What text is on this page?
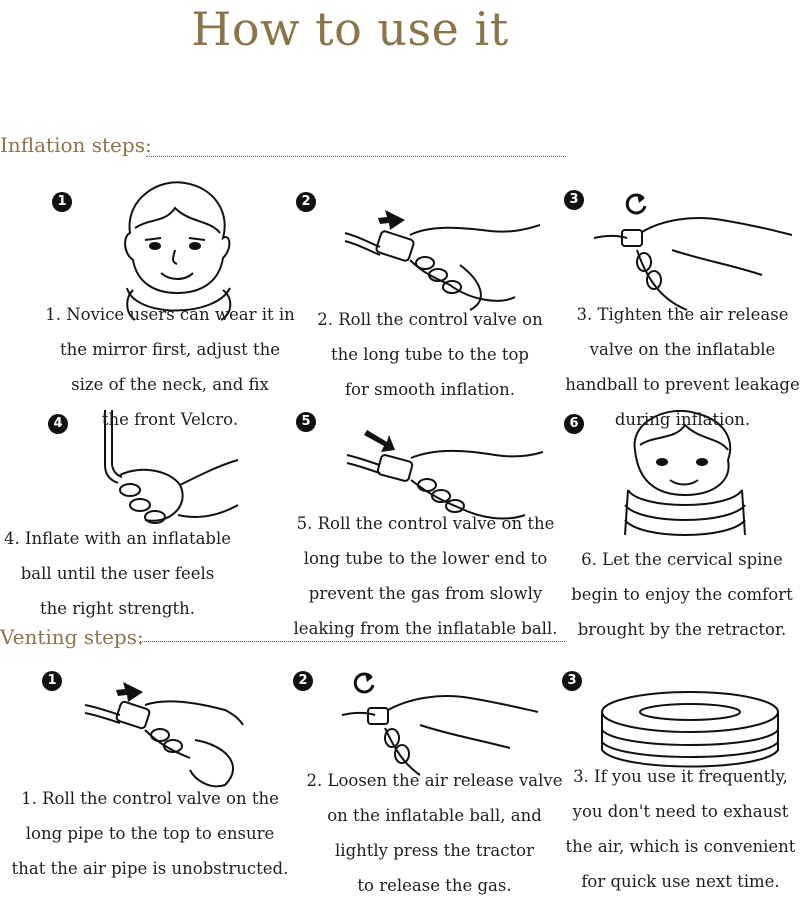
How to use it
Inflation steps:
1	2	3
4	5	6
Venting steps:
1	2	3
1. Novice users can wear it in
the mirror first, adjust the
size of the neck, and fix
the front Velcro.
2. Roll the control valve on
the long tube to the top
for smooth inflation.
3. Tighten the air release
valve on the inflatable
handball to prevent leakage
during inflation.
4. Inflate with an inflatable
ball until the user feels
the right strength.
5. Roll the control valve on the
long tube to the lower end to
prevent the gas from slowly
leaking from the inflatable ball.
6. Let the cervical spine
begin to enjoy the comfort
brought by the retractor.
1. Roll the control valve on the
long pipe to the top to ensure
that the air pipe is unobstructed.
2. Loosen the air release valve
on the inflatable ball, and
lightly press the tractor
to release the gas.
3. If you use it frequently,
you don't need to exhaust
the air, which is convenient
for quick use next time.
